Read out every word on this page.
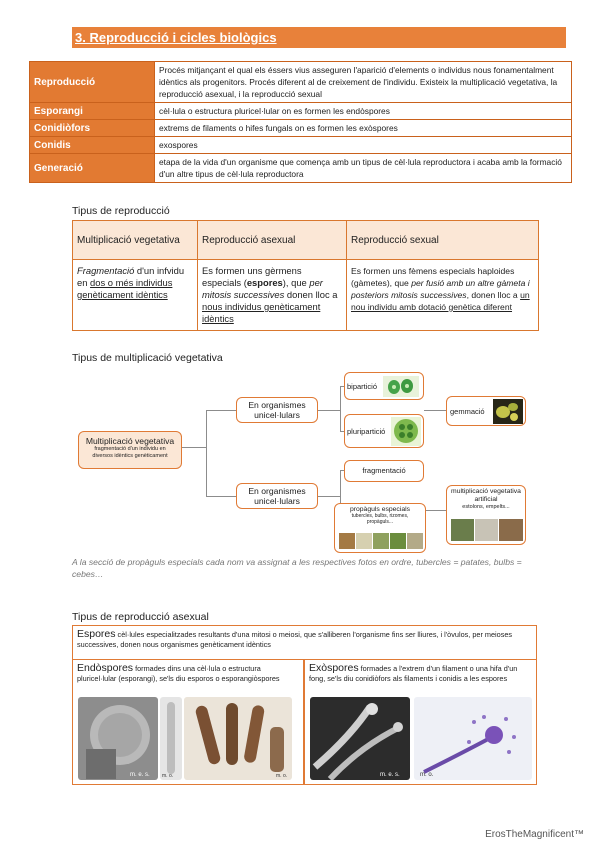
3. Reproducció i cicles biològics
Reproducció	Procés mitjançant el qual els éssers vius asseguren l'aparició d'elements o individus nous fonamentalment idèntics als progenitors. Procés diferent al de creixement de l'individu. Existeix la multiplicació vegetativa, la reproducció asexual, i la reproducció sexual
Esporangi	cèl·lula o estructura pluricel·lular on es formen les endòspores
Conidiòfors	extrems de filaments o hifes fungals on es formen les exòspores
Conidis	exospores
Generació	etapa de la vida d'un organisme que comença amb un tipus de cèl·lula reproductora i acaba amb la formació d'un altre tipus de cèl·lula reproductora
Tipus de reproducció
Multiplicació vegetativa	Reproducció asexual	Reproducció sexual
Fragmentació d'un infvidu en dos o més individus genèticament idèntics	Es formen uns gèrmens especials (espores), que per mitosis successives donen lloc a nous individus genèticament idèntics	Es formen uns fèmens especials haploides (gàmetes), que per fusió amb un altre gàmeta i posteriors mitosis successives, donen lloc a un nou individu amb dotació genètica diferent
Tipus de multiplicació vegetativa
Multiplicació vegetativa
fragmentació d'un individu en diversos idèntics genèticament
En organismes unicel·lulars
En organismes unicel·lulars
bipartició
pluripartició
gemmació
fragmentació
propàguls especials
tubercles, bulbs, rizomes, propàguls...
multiplicació vegetativa artificial
estolons, empelts...
A la secció de propàguls especials cada nom va assignat a les respectives fotos en ordre, tubercles = patates, bulbs = cebes…
Tipus de reproducció asexual
Espores cèl·lules especialitzades resultants d'una mitosi o meiosi, que s'alliberen l'organisme fins ser lliures, i l'òvulos, per meioses successives, donen nous organismes genèticament idèntics
Endòspores formades dins una cèl·lula o estructura pluricel·lular (esporangi), se'ls diu esporos o esporangiòspores
Exòspores formades a l'extrem d'un filament o una hifa d'un fong, se'ls diu conidiòfors als filaments i conidis a les espores
m. e. s. m. o.	m. o.	m. e. s.	m. o.
ErosTheMagnificent™
